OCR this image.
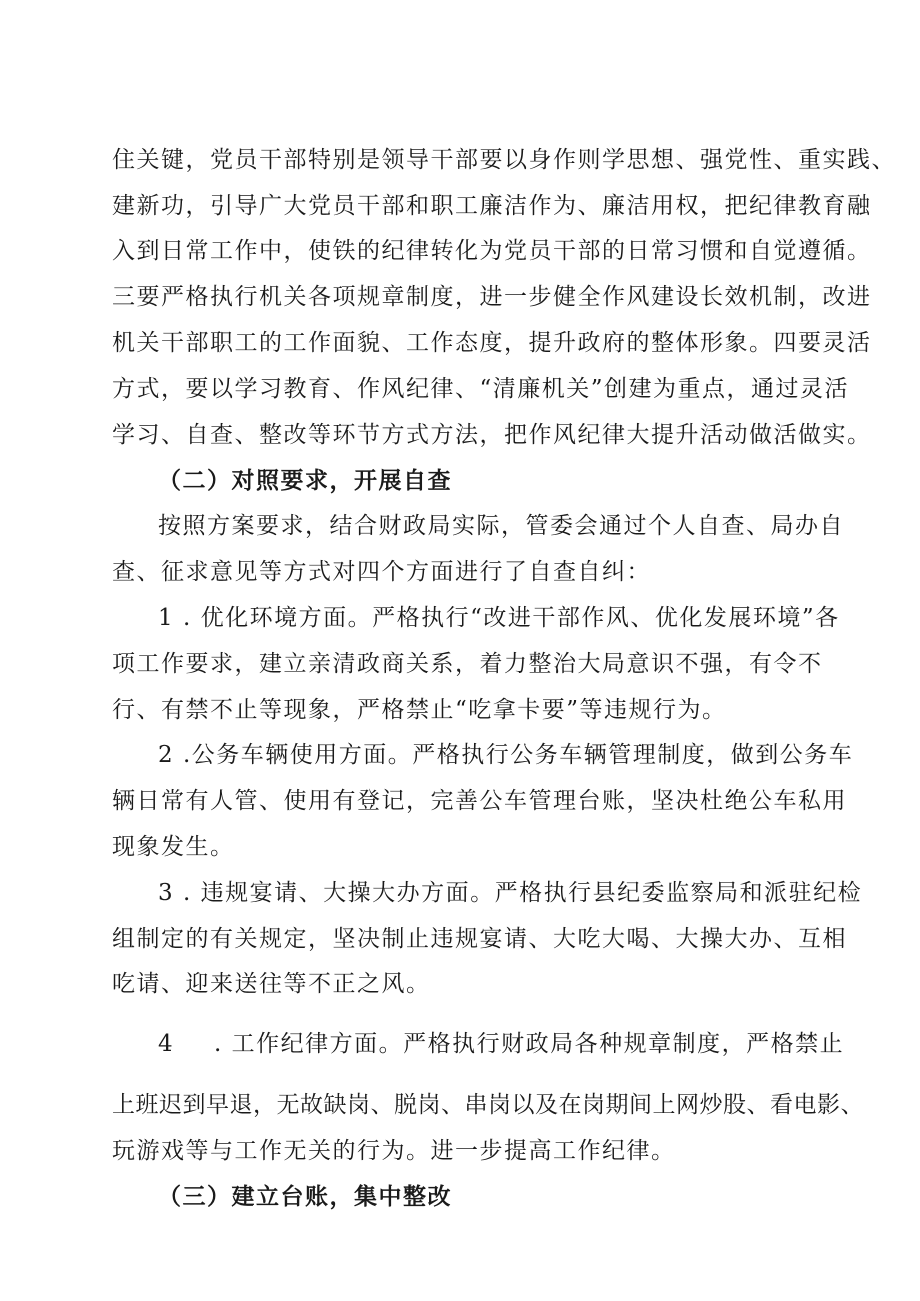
住关键，党员干部特别是领导干部要以身作则学思想、强党性、重实践、
建新功，引导广大党员干部和职工廉洁作为、廉洁用权，把纪律教育融
入到日常工作中，使铁的纪律转化为党员干部的日常习惯和自觉遵循。
三要严格执行机关各项规章制度，进一步健全作风建设长效机制，改进
机关干部职工的工作面貌、工作态度，提升政府的整体形象。四要灵活
方式，要以学习教育、作风纪律、“清廉机关”创建为重点，通过灵活
学习、自查、整改等环节方式方法，把作风纪律大提升活动做活做实。
（二）对照要求，开展自查
按照方案要求，结合财政局实际，管委会通过个人自查、局办自
查、征求意见等方式对四个方面进行了自查自纠：
1 . 优化环境方面。严格执行“改进干部作风、优化发展环境”各
项工作要求，建立亲清政商关系，着力整治大局意识不强，有令不
行、有禁不止等现象，严格禁止“吃拿卡要”等违规行为。
2 .公务车辆使用方面。严格执行公务车辆管理制度，做到公务车
辆日常有人管、使用有登记，完善公车管理台账，坚决杜绝公车私用
现象发生。
3 . 违规宴请、大操大办方面。严格执行县纪委监察局和派驻纪检
组制定的有关规定，坚决制止违规宴请、大吃大喝、大操大办、互相
吃请、迎来送往等不正之风。
4	. 工作纪律方面。严格执行财政局各种规章制度，严格禁止
上班迟到早退，无故缺岗、脱岗、串岗以及在岗期间上网炒股、看电影、
玩游戏等与工作无关的行为。进一步提高工作纪律。
（三）建立台账，集中整改
